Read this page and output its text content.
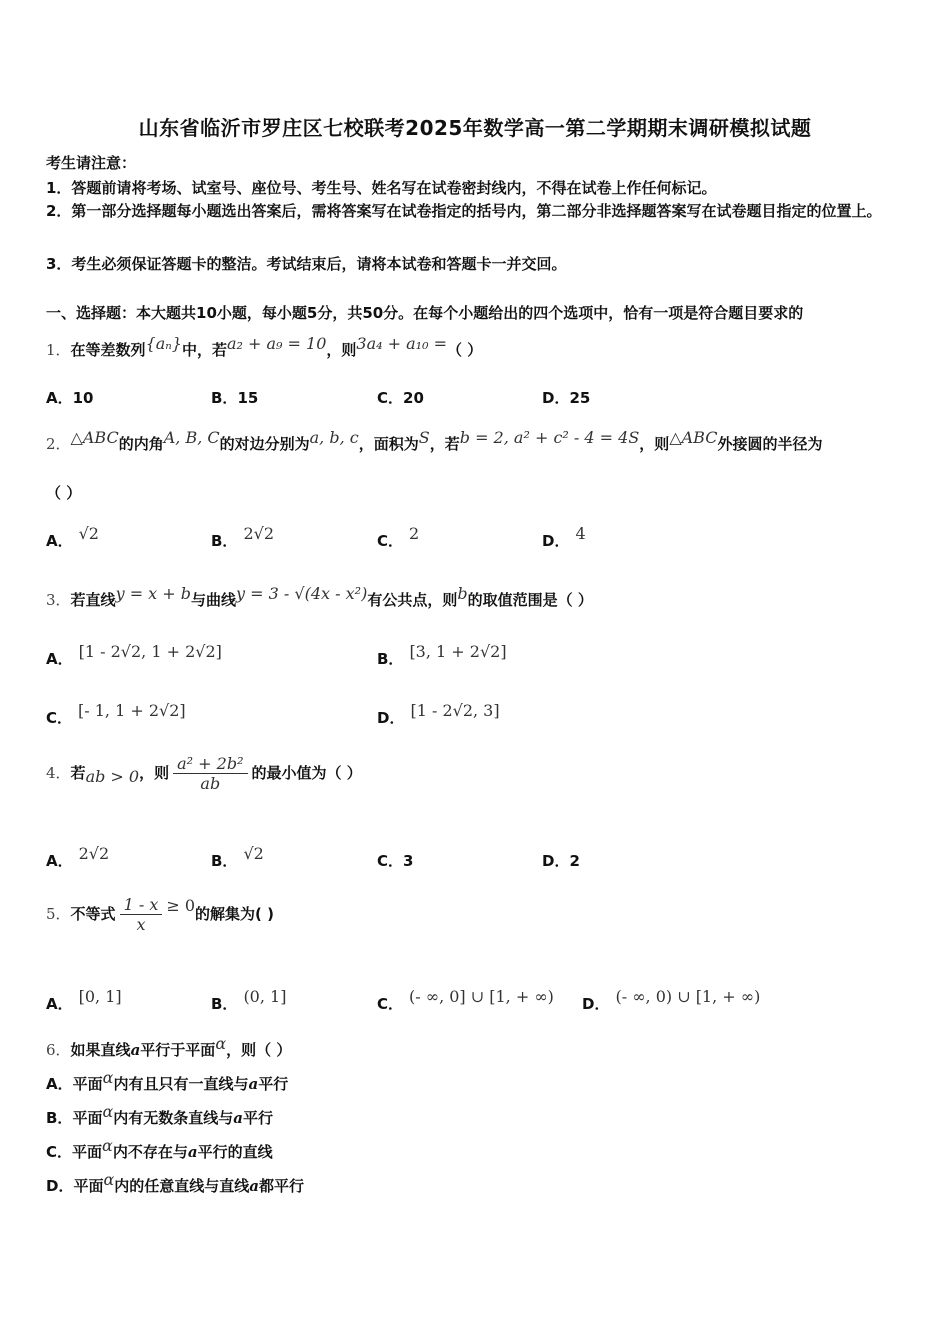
山东省临沂市罗庄区七校联考2025年数学高一第二学期期末调研模拟试题
考生请注意：
1．答题前请将考场、试室号、座位号、考生号、姓名写在试卷密封线内，不得在试卷上作任何标记。
2．第一部分选择题每小题选出答案后，需将答案写在试卷指定的括号内，第二部分非选择题答案写在试卷题目指定的位置上。
3．考生必须保证答题卡的整洁。考试结束后，请将本试卷和答题卡一并交回。
一、选择题：本大题共10小题，每小题5分，共50分。在每个小题给出的四个选项中，恰有一项是符合题目要求的
1．在等差数列{aₙ}中，若a₂ + a₉ = 10，则3a₄ + a₁₀ =（ ）
A．10	B．15	C．20	D．25
2．△ABC的内角A, B, C的对边分别为a, b, c，面积为S，若b = 2, a² + c² - 4 = 4S，则△ABC外接圆的半径为
（ ）
A． √2	B． 2√2	C． 2	D． 4
3．若直线y = x + b与曲线y = 3 - √(4x - x²)有公共点，则b的取值范围是（ ）
A． [1 - 2√2, 1 + 2√2]	B． [3, 1 + 2√2]
C． [- 1, 1 + 2√2]	D． [1 - 2√2, 3]
4．若ab > 0，则 $\frac{\text{a² + 2b²}}{ab}$ 的最小值为（ ）
A． 2√2	B． √2	C．3	D．2
5．不等式 $\frac{1 - x}{x} \ge 0$的解集为( )
A． [0, 1]	B． (0, 1]	C． (- ∞, 0] ∪ [1, + ∞) D． (- ∞, 0) ∪ [1, + ∞)
6．如果直线a平行于平面α，则（ ）
A．平面α内有且只有一直线与a平行
B．平面α内有无数条直线与a平行
C．平面α内不存在与a平行的直线
D．平面α内的任意直线与直线a都平行
